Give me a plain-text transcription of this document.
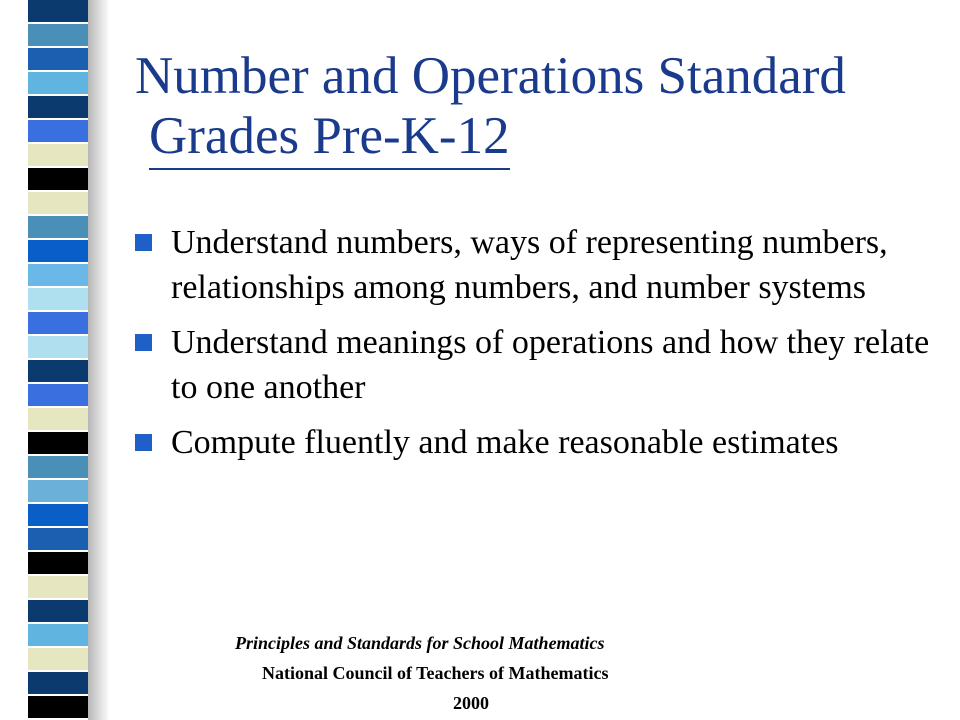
Number and Operations Standard
Grades Pre-K-12
Understand numbers, ways of representing numbers, relationships among numbers, and number systems
Understand meanings of operations and how they relate to one another
Compute fluently and make reasonable estimates
Principles and Standards for School Mathematics
National Council of Teachers of Mathematics
2000
